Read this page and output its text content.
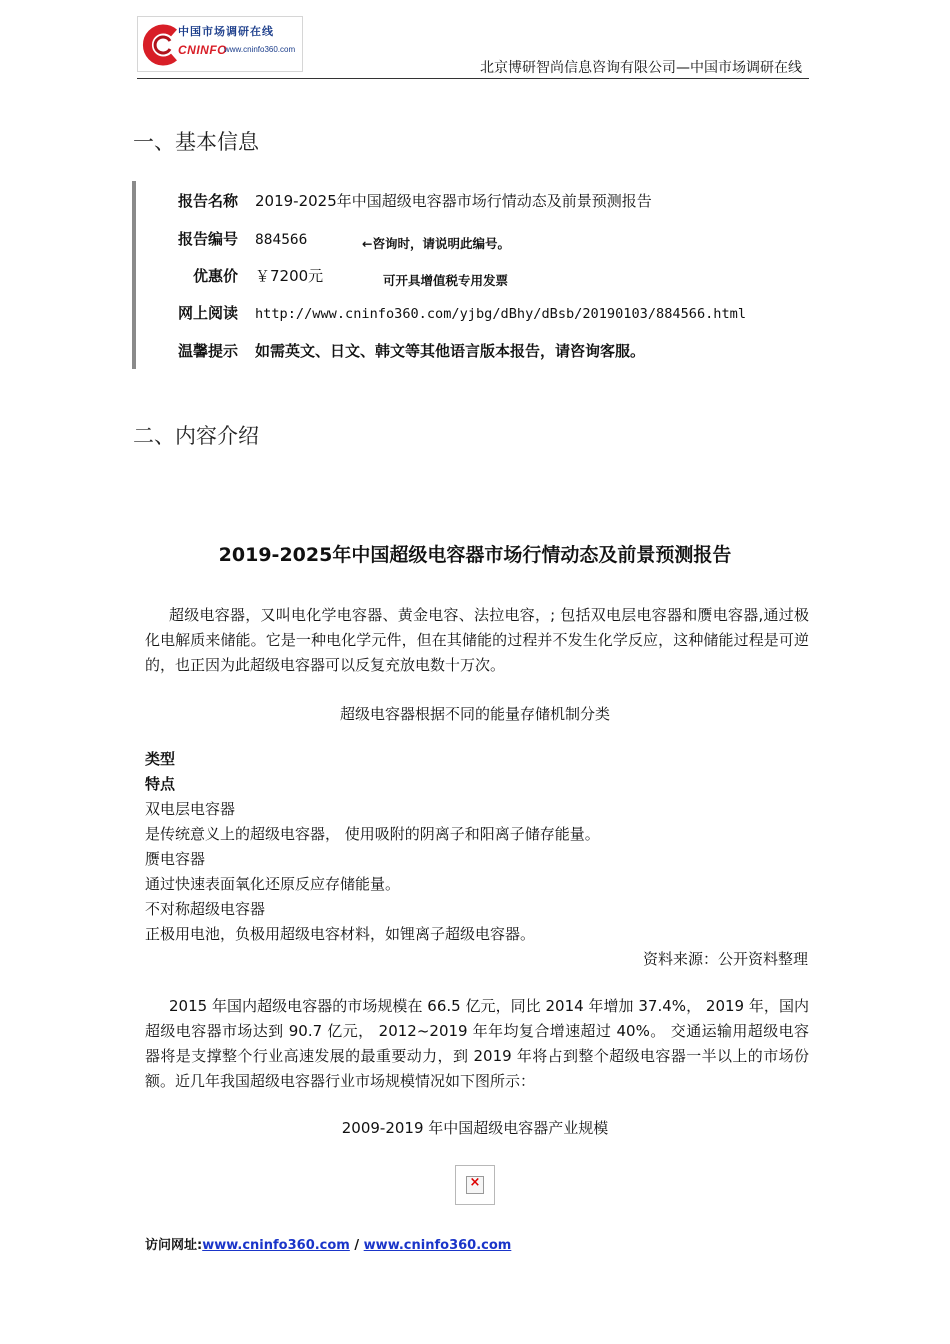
中国市场调研在线
CNINFO
www.cninfo360.com
北京博研智尚信息咨询有限公司—中国市场调研在线
一、基本信息
报告名称 2019-2025年中国超级电容器市场行情动态及前景预测报告
报告编号 884566	←咨询时，请说明此编号。
优惠价 ￥7200元	可开具增值税专用发票
网上阅读 http://www.cninfo360.com/yjbg/dBhy/dBsb/20190103/884566.html
温馨提示 如需英文、日文、韩文等其他语言版本报告，请咨询客服。
二、内容介绍
2019-2025年中国超级电容器市场行情动态及前景预测报告
超级电容器，又叫电化学电容器、黄金电容、法拉电容，; 包括双电层电容器和赝电容器,通过极化电解质来储能。它是一种电化学元件，但在其储能的过程并不发生化学反应，这种储能过程是可逆的，也正因为此超级电容器可以反复充放电数十万次。
超级电容器根据不同的能量存储机制分类
类型
特点
双电层电容器
是传统意义上的超级电容器， 使用吸附的阴离子和阳离子储存能量。
赝电容器
通过快速表面氧化还原反应存储能量。
不对称超级电容器
正极用电池，负极用超级电容材料，如锂离子超级电容器。
资料来源：公开资料整理
2015 年国内超级电容器的市场规模在 66.5 亿元，同比 2014 年增加 37.4%， 2019 年，国内超级电容器市场达到 90.7 亿元， 2012~2019 年年均复合增速超过 40%。 交通运输用超级电容器将是支撑整个行业高速发展的最重要动力，到 2019 年将占到整个超级电容器一半以上的市场份额。近几年我国超级电容器行业市场规模情况如下图所示：
2009-2019 年中国超级电容器产业规模
×
访问网址:www.cninfo360.com / www.cninfo360.com
